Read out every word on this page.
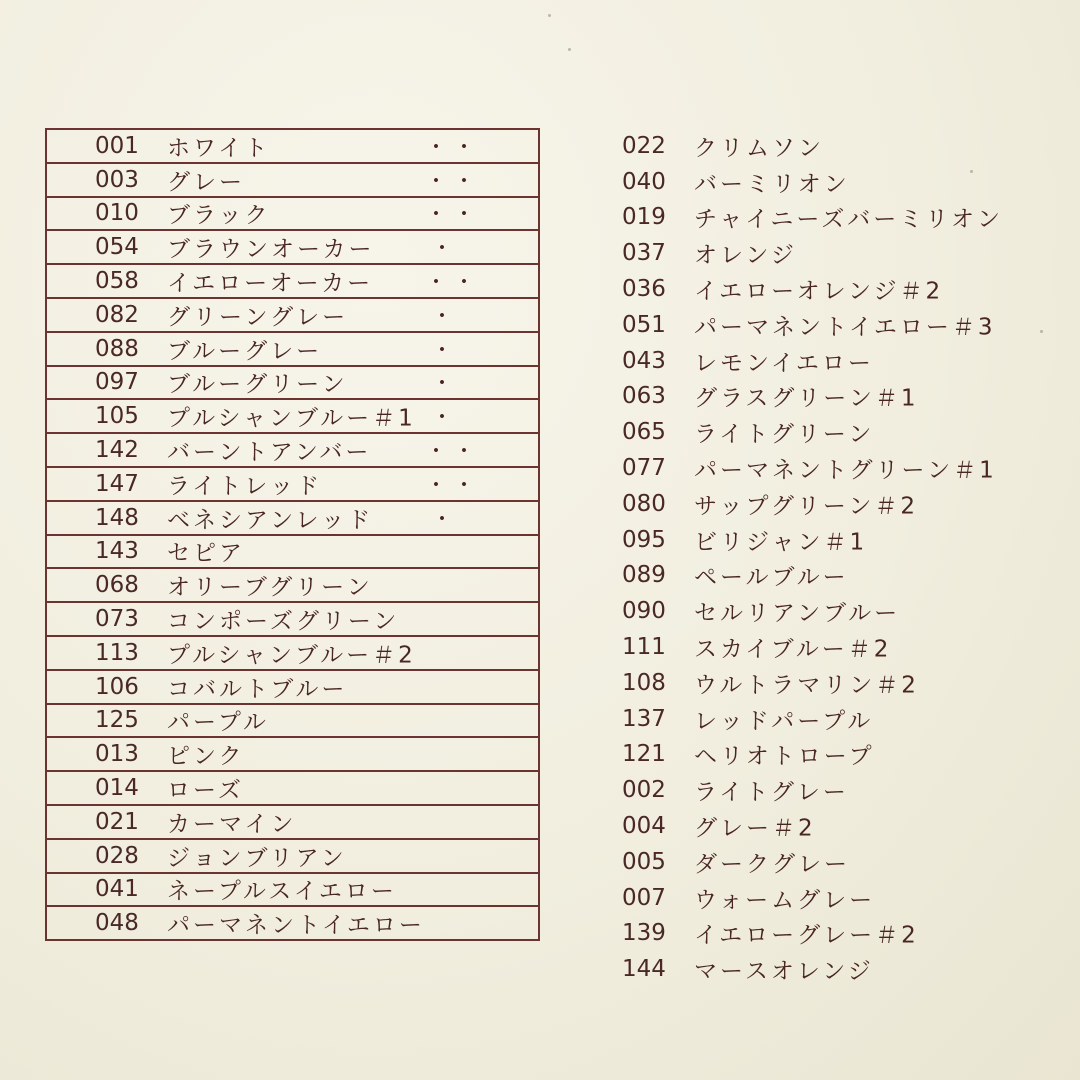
001 ホワイト	・・
003 グレー	・・
010 ブラック	・・
054 ブラウンオーカー	・
058 イエローオーカー ・・
082 グリーングレー	・
088 ブルーグレー	・
097 ブルーグリーン	・
105 プルシャンブルー＃1 ・
142 バーントアンバー ・・
147 ライトレッド	・・
148 ベネシアンレッド	・
143 セピア
068 オリーブグリーン
073 コンポーズグリーン
113 プルシャンブルー＃2
106 コバルトブルー
125 パープル
013 ピンク
014 ローズ
021 カーマイン
028 ジョンブリアン
041 ネープルスイエロー
048 パーマネントイエロー
022 クリムソン
040 バーミリオン
019 チャイニーズバーミリオン
037 オレンジ
036 イエローオレンジ＃2
051 パーマネントイエロー＃3
043 レモンイエロー
063 グラスグリーン＃1
065 ライトグリーン
077 パーマネントグリーン＃1
080 サップグリーン＃2
095 ビリジャン＃1
089 ペールブルー
090 セルリアンブルー
111 スカイブルー＃2
108 ウルトラマリン＃2
137 レッドパープル
121 ヘリオトロープ
002 ライトグレー
004 グレー＃2
005 ダークグレー
007 ウォームグレー
139 イエローグレー＃2
144 マースオレンジ
